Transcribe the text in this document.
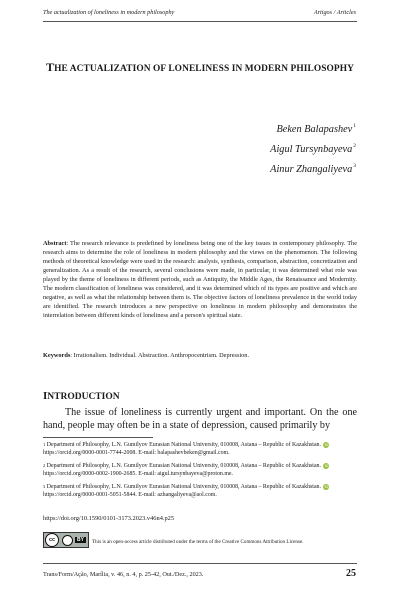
The actualization of loneliness in modern philosophy	Artigos / Articles
THE ACTUALIZATION OF LONELINESS IN MODERN PHILOSOPHY
Beken Balapashev$^1$
Aigul Tursynbayeva$^2$
Ainur Zhangaliyeva$^3$
Abstract: The research relevance is predefined by loneliness being one of the key issues in contemporary philosophy. The research aims to determine the role of loneliness in modern philosophy and the views on the phenomenon. The following methods of theoretical knowledge were used in the research: analysis, synthesis, comparison, abstraction, concretization and generalization. As a result of the research, several conclusions were made, in particular, it was determined what role was played by the theme of loneliness in different periods, such as Antiquity, the Middle Ages, the Renaissance and Modernity. The modern classification of loneliness was considered, and it was determined which of its types are positive and which are negative, as well as what the relationship between them is. The objective factors of loneliness prevalence in the world today are identified. The research introduces a new perspective on loneliness in modern philosophy and demonstrates the interrelation between different kinds of loneliness and a person's spiritual state.
Keywords: Irrationalism. Individual. Abstraction. Anthropocentrism. Depression.
INTRODUCTION
The issue of loneliness is currently urgent and important. On the one hand, people may often be in a state of depression, caused primarily by
$^1$ Department of Philosophy, L.N. Gumilyov Eurasian National University, 010008, Astana – Republic of Kazakhstan. iD https://orcid.org/0000-0001-7744-2008. E-mail: balapashevbeken@gmail.com.
$^2$ Department of Philosophy, L.N. Gumilyov Eurasian National University, 010008, Astana – Republic of Kazakhstan. iD https://orcid.org/0000-0002-1900-2685. E-mail: aigul.tursynbayeva@proton.me.
$^3$ Department of Philosophy, L.N. Gumilyov Eurasian National University, 010008, Astana – Republic of Kazakhstan. iD https://orcid.org/0000-0001-5051-5844. E-mail: azhangaliyeva@aol.com.
https://doi.org/10.1590/0101-3173.2023.v46n4.p25
cc	BY	This is an open-access article distributed under the terms of the Creative Commons Attribution License.
Trans/Form/Ação, Marília, v. 46, n. 4, p. 25-42, Out./Dez., 2023.	25
